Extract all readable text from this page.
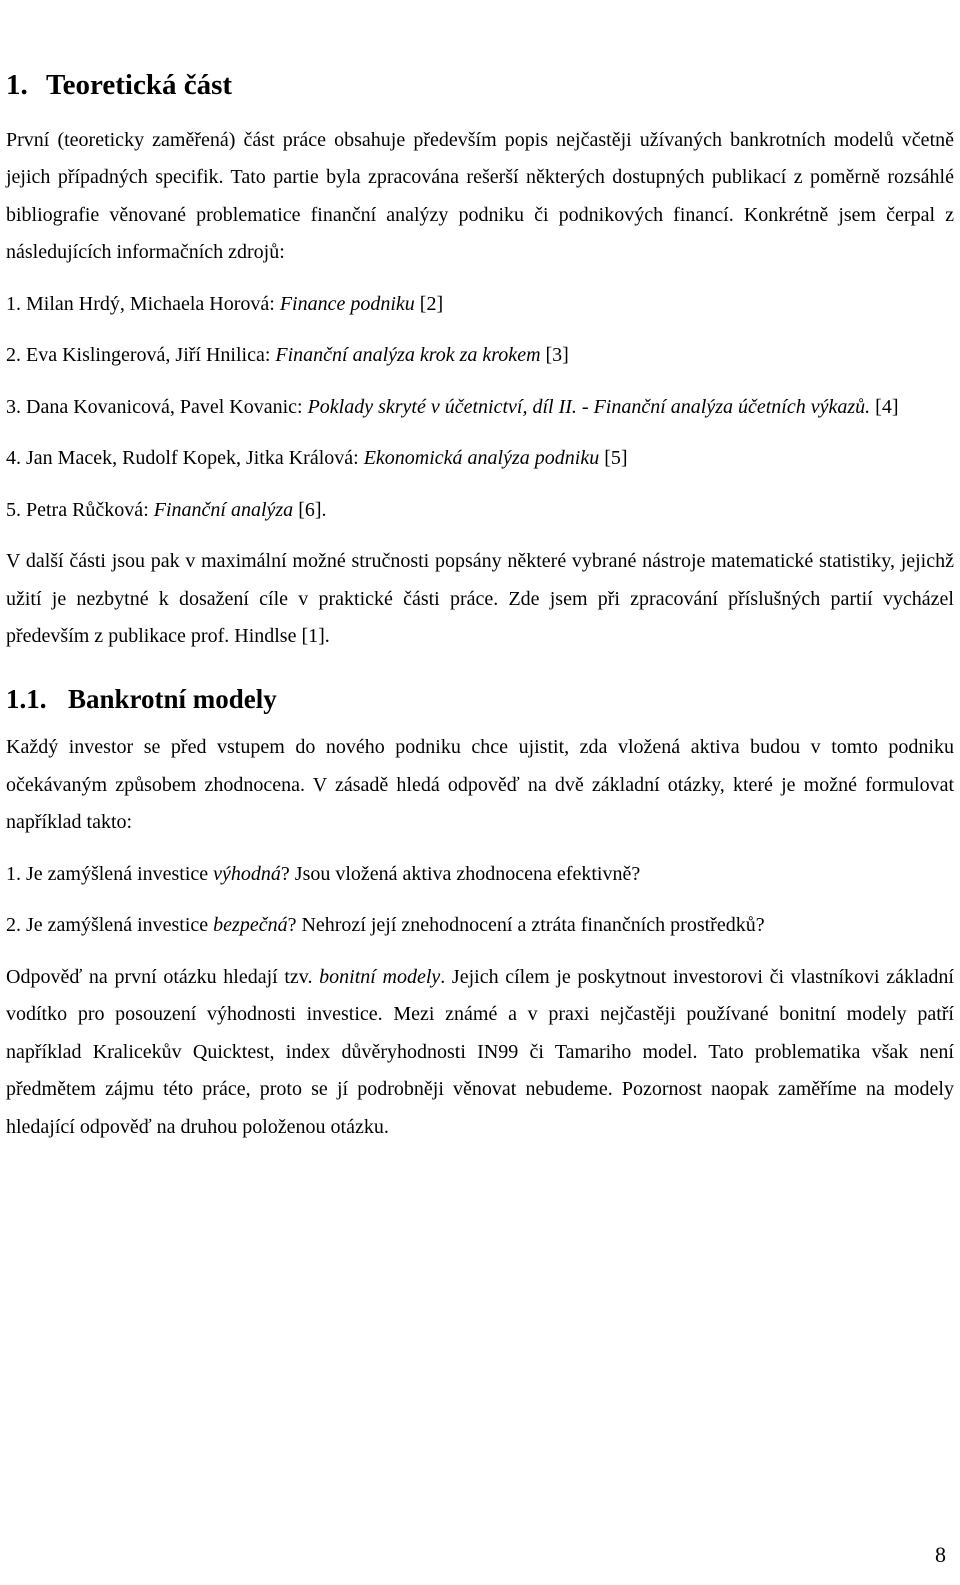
1. Teoretická část

První (teoreticky zaměřená) část práce obsahuje především popis nejčastěji užívaných bankrotních modelů včetně jejich případných specifik. Tato partie byla zpracována rešerší některých dostupných publikací z poměrně rozsáhlé bibliografie věnované problematice finanční analýzy podniku či podnikových financí. Konkrétně jsem čerpal z následujících informačních zdrojů:

1. Milan Hrdý, Michaela Horová: Finance podniku [2]
2. Eva Kislingerová, Jiří Hnilica: Finanční analýza krok za krokem [3]
3. Dana Kovanicová, Pavel Kovanic: Poklady skryté v účetnictví, díl II. - Finanční analýza účetních výkazů. [4]
4. Jan Macek, Rudolf Kopek, Jitka Králová: Ekonomická analýza podniku [5]
5. Petra Růčková: Finanční analýza [6].

V další části jsou pak v maximální možné stručnosti popsány některé vybrané nástroje matematické statistiky, jejichž užití je nezbytné k dosažení cíle v praktické části práce. Zde jsem při zpracování příslušných partií vycházel především z publikace prof. Hindlse [1].

1.1. Bankrotní modely

Každý investor se před vstupem do nového podniku chce ujistit, zda vložená aktiva budou v tomto podniku očekávaným způsobem zhodnocena. V zásadě hledá odpověď na dvě základní otázky, které je možné formulovat například takto:

1. Je zamýšlená investice výhodná? Jsou vložená aktiva zhodnocena efektivně?

2. Je zamýšlená investice bezpečná? Nehrozí její znehodnocení a ztráta finančních prostředků?

Odpověď na první otázku hledají tzv. bonitní modely. Jejich cílem je poskytnout investorovi či vlastníkovi základní vodítko pro posouzení výhodnosti investice. Mezi známé a v praxi nejčastěji používané bonitní modely patří například Kralicekův Quicktest, index důvěryhodnosti IN99 či Tamariho model. Tato problematika však není předmětem zájmu této práce, proto se jí podrobněji věnovat nebudeme. Pozornost naopak zaměříme na modely hledající odpověď na druhou položenou otázku.

8
